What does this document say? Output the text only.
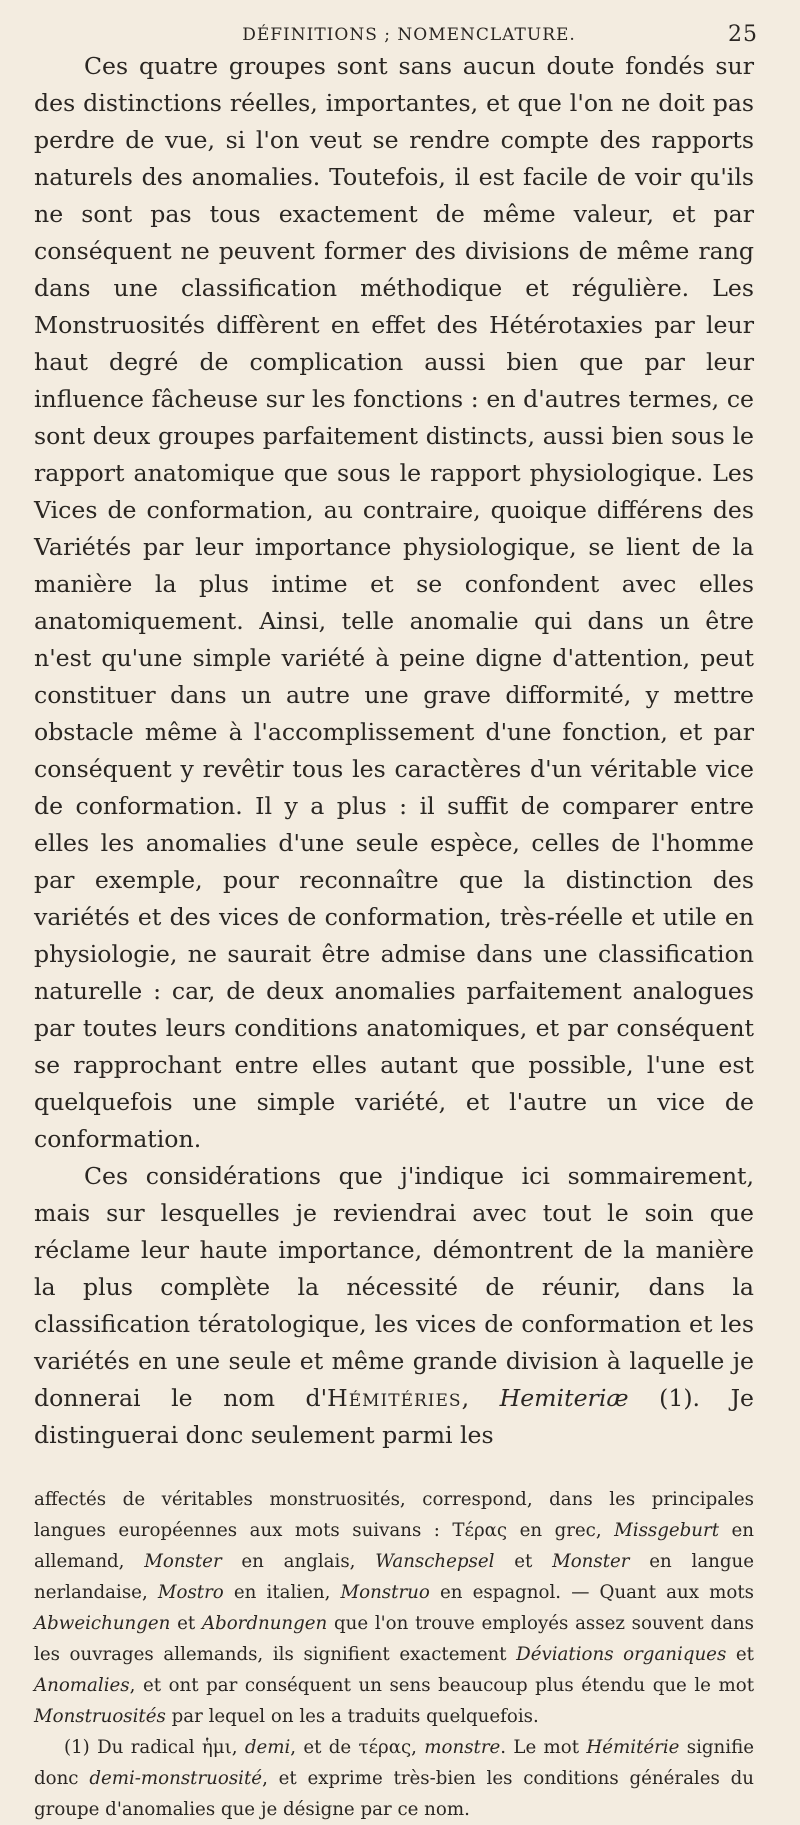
DÉFINITIONS ; NOMENCLATURE.	25

Ces quatre groupes sont sans aucun doute fondés sur des distinctions réelles, importantes, et que l'on ne doit pas perdre de vue, si l'on veut se rendre compte des rapports naturels des anomalies. Toutefois, il est facile de voir qu'ils ne sont pas tous exactement de même valeur, et par conséquent ne peuvent former des divisions de même rang dans une classification méthodique et régulière. Les Monstruosités diffèrent en effet des Hétérotaxies par leur haut degré de complication aussi bien que par leur influence fâcheuse sur les fonctions : en d'autres termes, ce sont deux groupes parfaitement distincts, aussi bien sous le rapport anatomique que sous le rapport physiologique. Les Vices de conformation, au contraire, quoique différens des Variétés par leur importance physiologique, se lient de la manière la plus intime et se confondent avec elles anatomiquement. Ainsi, telle anomalie qui dans un être n'est qu'une simple variété à peine digne d'attention, peut constituer dans un autre une grave difformité, y mettre obstacle même à l'accomplissement d'une fonction, et par conséquent y revêtir tous les caractères d'un véritable vice de conformation. Il y a plus : il suffit de comparer entre elles les anomalies d'une seule espèce, celles de l'homme par exemple, pour reconnaître que la distinction des variétés et des vices de conformation, très-réelle et utile en physiologie, ne saurait être admise dans une classification naturelle : car, de deux anomalies parfaitement analogues par toutes leurs conditions anatomiques, et par conséquent se rapprochant entre elles autant que possible, l'une est quelquefois une simple variété, et l'autre un vice de conformation.

Ces considérations que j'indique ici sommairement, mais sur lesquelles je reviendrai avec tout le soin que réclame leur haute importance, démontrent de la manière la plus complète la nécessité de réunir, dans la classification tératologique, les vices de conformation et les variétés en une seule et même grande division à laquelle je donnerai le nom d'Hémitéries, Hemiteriæ (1). Je distinguerai donc seulement parmi les

affectés de véritables monstruosités, correspond, dans les principales langues européennes aux mots suivans : Τέρας en grec, Missgeburt en allemand, Monster en anglais, Wanschepsel et Monster en langue nerlandaise, Mostro en italien, Monstruo en espagnol. — Quant aux mots Abweichungen et Abordnungen que l'on trouve employés assez souvent dans les ouvrages allemands, ils signifient exactement Déviations organiques et Anomalies, et ont par conséquent un sens beaucoup plus étendu que le mot Monstruosités par lequel on les a traduits quelquefois.

(1) Du radical ἡμι, demi, et de τέρας, monstre. Le mot Hémitérie signifie donc demi-monstruosité, et exprime très-bien les conditions générales du groupe d'anomalies que je désigne par ce nom.
